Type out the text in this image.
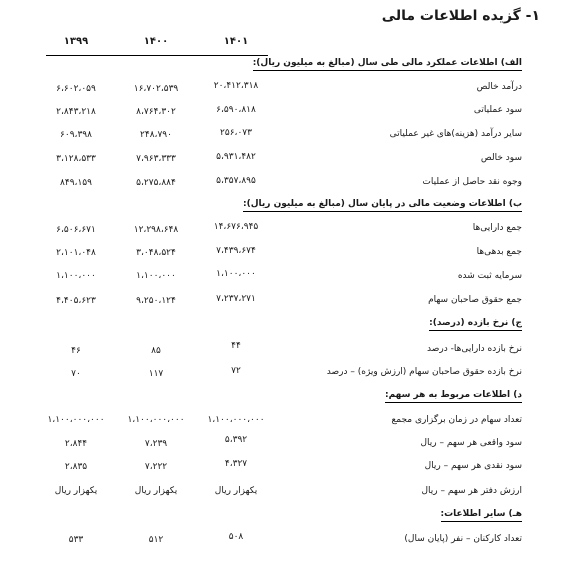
۱- گزیده اطلاعات مالی
۱۴۰۱
۱۴۰۰
۱۳۹۹
الف) اطلاعات عملکرد مالی طی سال (مبالغ به میلیون ریال):
درآمد خالص
۲۰،۴۱۲،۳۱۸
۱۶،۷۰۲،۵۳۹
۶،۶۰۲،۰۵۹
سود عملیاتی
۶،۵۹۰،۸۱۸
۸،۷۶۴،۳۰۲
۲،۸۴۳،۲۱۸
سایر درآمد (هزینه)های غیر عملیاتی
۲۵۶،۰۷۳
۲۴۸،۷۹۰
۶۰۹،۳۹۸
سود خالص
۵،۹۳۱،۴۸۲
۷،۹۶۳،۳۳۳
۳،۱۲۸،۵۳۳
وجوه نقد حاصل از عملیات
۵،۳۵۷،۸۹۵
۵،۲۷۵،۸۸۴
۸۴۹،۱۵۹
ب) اطلاعات وضعیت مالی در پایان سال (مبالغ به میلیون ریال):
جمع دارایی‌ها
۱۴،۶۷۶،۹۴۵
۱۲،۲۹۸،۶۴۸
۶،۵۰۶،۶۷۱
جمع بدهی‌ها
۷،۴۳۹،۶۷۴
۳،۰۴۸،۵۲۴
۲،۱۰۱،۰۴۸
سرمایه ثبت شده
۱،۱۰۰،۰۰۰
۱،۱۰۰،۰۰۰
۱،۱۰۰،۰۰۰
جمع حقوق صاحبان سهام
۷،۲۳۷،۲۷۱
۹،۲۵۰،۱۲۴
۴،۴۰۵،۶۲۳
ج) نرخ بازده (درصد):
نرخ بازده دارایی‌ها- درصد
۴۴
۸۵
۴۶
نرخ بازده حقوق صاحبان سهام (ارزش ویژه) – درصد
۷۲
۱۱۷
۷۰
د) اطلاعات مربوط به هر سهم:
تعداد سهام در زمان برگزاری مجمع
۱،۱۰۰،۰۰۰،۰۰۰
۱،۱۰۰،۰۰۰،۰۰۰
۱،۱۰۰،۰۰۰،۰۰۰
سود واقعی هر سهم – ریال
۵،۳۹۲
۷،۲۳۹
۲،۸۴۴
سود نقدی هر سهم – ریال
۴،۳۲۷
۷،۲۲۲
۲،۸۳۵
ارزش دفتر هر سهم – ریال
یکهزار ریال
یکهزار ریال
یکهزار ریال
هـ) سایر اطلاعات:
تعداد کارکنان – نفر (پایان سال)
۵۰۸
۵۱۲
۵۳۳
